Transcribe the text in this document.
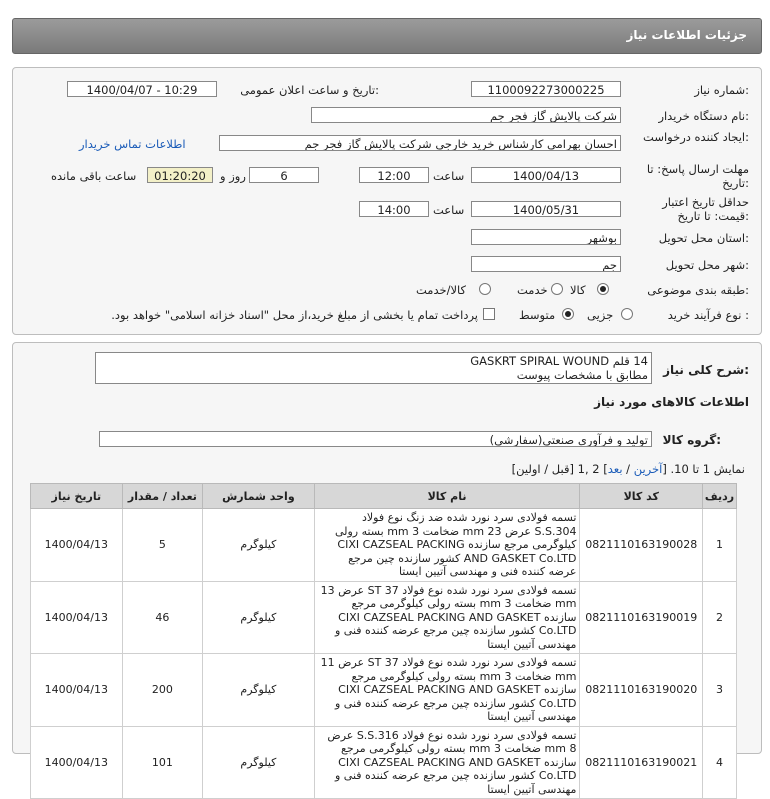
جزئیات اطلاعات نیاز
شماره نیاز:
1100092273000225
تاریخ و ساعت اعلان عمومی:
1400/04/07 - 10:29
نام دستگاه خریدار:
شرکت پالایش گاز فجر جم
ایجاد کننده درخواست:
احسان بهرامی کارشناس خرید خارجی شرکت پالایش گاز فجر جم
اطلاعات تماس خریدار
مهلت ارسال پاسخ: تا تاریخ:
1400/04/13
ساعت
12:00
6
روز و
01:20:20
ساعت باقی مانده
حداقل تاریخ اعتبار قیمت: تا تاریخ:
1400/05/31
ساعت
14:00
استان محل تحویل:
بوشهر
شهر محل تحویل:
جم
طبقه بندی موضوعی:
کالا
خدمت
کالا/خدمت
نوع فرآیند خرید :
جزیی
متوسط
پرداخت تمام یا بخشی از مبلغ خرید،از محل "اسناد خزانه اسلامی" خواهد بود.
شرح کلی نیاز:
14 قلم GASKRT SPIRAL WOUND
مطابق با مشخصات پیوست
اطلاعات کالاهای مورد نیاز
گروه کالا:
تولید و فرآوری صنعتی(سفارشی)
نمایش 1 تا 10. [آخرین / بعد] 2 ,1 [قبل / اولین]
تاریخ نیاز	تعداد / مقدار	واحد شمارش	نام کالا	کد کالا	ردیف
1400/04/13	5	کیلوگرم	تسمه فولادی سرد نورد شده ضد زنگ نوع فولاد S.S.304 عرض 23 mm ضخامت 3 mm بسته رولی کیلوگرمی مرجع سازنده CIXI CAZSEAL PACKING AND GASKET Co.LTD کشور سازنده چین مرجع عرضه کننده فنی و مهندسی آتیین ایستا	0821110163190028	1
1400/04/13	46	کیلوگرم	تسمه فولادی سرد نورد شده نوع فولاد ST 37 عرض 13 mm ضخامت 3 mm بسته رولی کیلوگرمی مرجع سازنده CIXI CAZSEAL PACKING AND GASKET Co.LTD کشور سازنده چین مرجع عرضه کننده فنی و مهندسی آتیین ایستا	0821110163190019	2
1400/04/13	200	کیلوگرم	تسمه فولادی سرد نورد شده نوع فولاد ST 37 عرض 11 mm ضخامت 3 mm بسته رولی کیلوگرمی مرجع سازنده CIXI CAZSEAL PACKING AND GASKET Co.LTD کشور سازنده چین مرجع عرضه کننده فنی و مهندسی آتیین ایستا	0821110163190020	3
1400/04/13	101	کیلوگرم	تسمه فولادی سرد نورد شده نوع فولاد S.S.316 عرض 8 mm ضخامت 3 mm بسته رولی کیلوگرمی مرجع سازنده CIXI CAZSEAL PACKING AND GASKET Co.LTD کشور سازنده چین مرجع عرضه کننده فنی و مهندسی آتیین ایستا	0821110163190021	4
